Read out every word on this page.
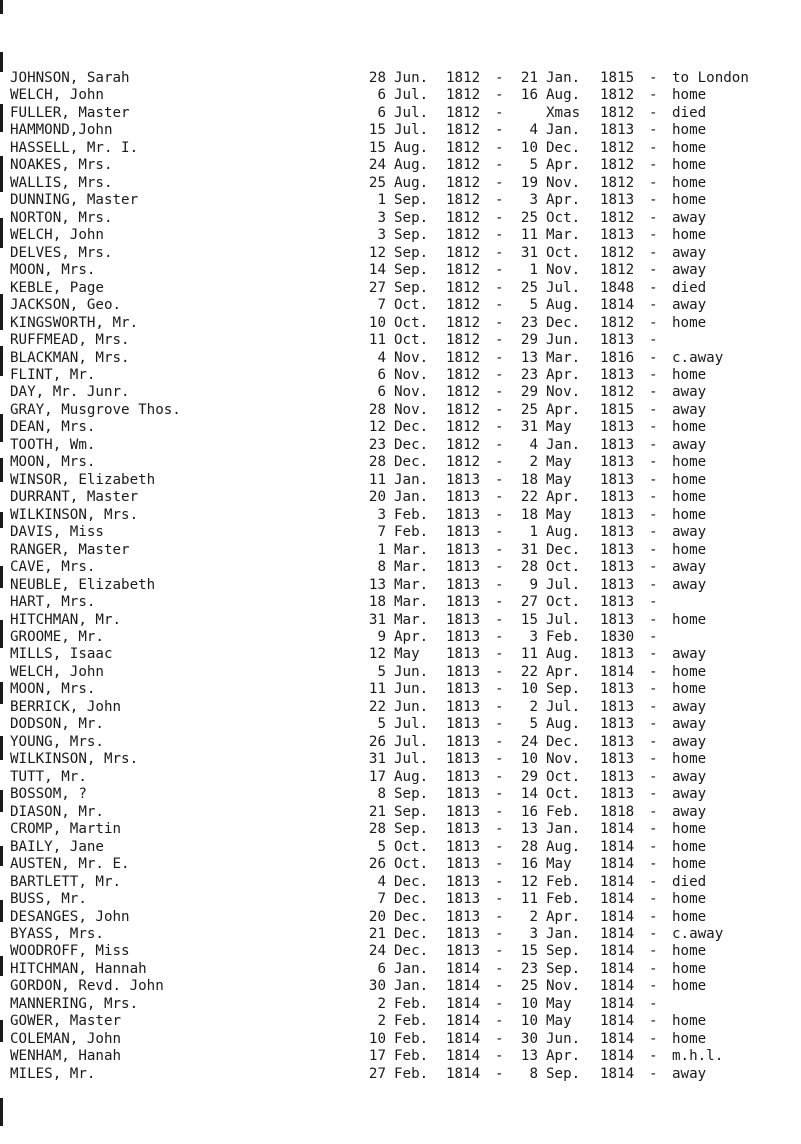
JOHNSON, Sarah	28 Jun. 1812 -	21 Jan. 1815 - to London
WELCH, John	6 Jul. 1812 -	16 Aug. 1812 - home
FULLER, Master	6 Jul. 1812 -	Xmas 1812 - died
HAMMOND,John	15 Jul. 1812 -	4 Jan. 1813 - home
HASSELL, Mr. I.	15 Aug. 1812 -	10 Dec. 1812 - home
NOAKES, Mrs.	24 Aug. 1812 -	5 Apr. 1812 - home
WALLIS, Mrs.	25 Aug. 1812 -	19 Nov. 1812 - home
DUNNING, Master	1 Sep. 1812 -	3 Apr. 1813 - home
NORTON, Mrs.	3 Sep. 1812 -	25 Oct. 1812 - away
WELCH, John	3 Sep. 1812 -	11 Mar. 1813 - home
DELVES, Mrs.	12 Sep. 1812 -	31 Oct. 1812 - away
MOON, Mrs.	14 Sep. 1812 -	1 Nov. 1812 - away
KEBLE, Page	27 Sep. 1812 -	25 Jul. 1848 - died
JACKSON, Geo.	7 Oct. 1812 -	5 Aug. 1814 - away
KINGSWORTH, Mr.	10 Oct. 1812 -	23 Dec. 1812 - home
RUFFMEAD, Mrs.	11 Oct. 1812 -	29 Jun. 1813 -
BLACKMAN, Mrs.	4 Nov. 1812 -	13 Mar. 1816 - c.away
FLINT, Mr.	6 Nov. 1812 -	23 Apr. 1813 - home
DAY, Mr. Junr.	6 Nov. 1812 -	29 Nov. 1812 - away
GRAY, Musgrove Thos.	28 Nov. 1812 -	25 Apr. 1815 - away
DEAN, Mrs.	12 Dec. 1812 -	31 May 1813 - home
TOOTH, Wm.	23 Dec. 1812 -	4 Jan. 1813 - away
MOON, Mrs.	28 Dec. 1812 -	2 May 1813 - home
WINSOR, Elizabeth	11 Jan. 1813 -	18 May 1813 - home
DURRANT, Master	20 Jan. 1813 -	22 Apr. 1813 - home
WILKINSON, Mrs.	3 Feb. 1813 -	18 May 1813 - home
DAVIS, Miss	7 Feb. 1813 -	1 Aug. 1813 - away
RANGER, Master	1 Mar. 1813 -	31 Dec. 1813 - home
CAVE, Mrs.	8 Mar. 1813 -	28 Oct. 1813 - away
NEUBLE, Elizabeth	13 Mar. 1813 -	9 Jul. 1813 - away
HART, Mrs.	18 Mar. 1813 -	27 Oct. 1813 -
HITCHMAN, Mr.	31 Mar. 1813 -	15 Jul. 1813 - home
GROOME, Mr.	9 Apr. 1813 -	3 Feb. 1830 -
MILLS, Isaac	12 May 1813 -	11 Aug. 1813 - away
WELCH, John	5 Jun. 1813 -	22 Apr. 1814 - home
MOON, Mrs.	11 Jun. 1813 -	10 Sep. 1813 - home
BERRICK, John	22 Jun. 1813 -	2 Jul. 1813 - away
DODSON, Mr.	5 Jul. 1813 -	5 Aug. 1813 - away
YOUNG, Mrs.	26 Jul. 1813 -	24 Dec. 1813 - away
WILKINSON, Mrs.	31 Jul. 1813 -	10 Nov. 1813 - home
TUTT, Mr.	17 Aug. 1813 -	29 Oct. 1813 - away
BOSSOM, ?	8 Sep. 1813 -	14 Oct. 1813 - away
DIASON, Mr.	21 Sep. 1813 -	16 Feb. 1818 - away
CROMP, Martin	28 Sep. 1813 -	13 Jan. 1814 - home
BAILY, Jane	5 Oct. 1813 -	28 Aug. 1814 - home
AUSTEN, Mr. E.	26 Oct. 1813 -	16 May 1814 - home
BARTLETT, Mr.	4 Dec. 1813 -	12 Feb. 1814 - died
BUSS, Mr.	7 Dec. 1813 -	11 Feb. 1814 - home
DESANGES, John	20 Dec. 1813 -	2 Apr. 1814 - home
BYASS, Mrs.	21 Dec. 1813 -	3 Jan. 1814 - c.away
WOODROFF, Miss	24 Dec. 1813 -	15 Sep. 1814 - home
HITCHMAN, Hannah	6 Jan. 1814 -	23 Sep. 1814 - home
GORDON, Revd. John	30 Jan. 1814 -	25 Nov. 1814 - home
MANNERING, Mrs.	2 Feb. 1814 -	10 May 1814 -
GOWER, Master	2 Feb. 1814 -	10 May 1814 - home
COLEMAN, John	10 Feb. 1814 -	30 Jun. 1814 - home
WENHAM, Hanah	17 Feb. 1814 -	13 Apr. 1814 - m.h.l.
MILES, Mr.	27 Feb. 1814 -	8 Sep. 1814 - away
